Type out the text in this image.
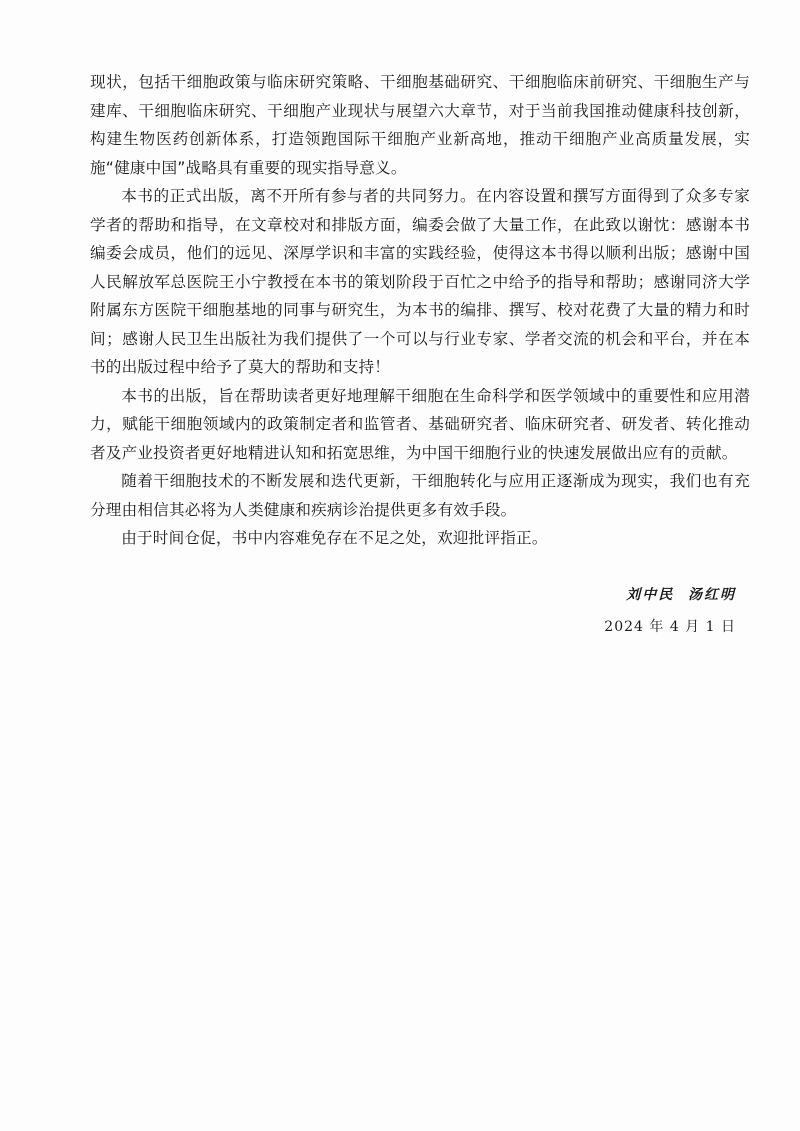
现状，包括干细胞政策与临床研究策略、干细胞基础研究、干细胞临床前研究、干细胞生产与建库、干细胞临床研究、干细胞产业现状与展望六大章节，对于当前我国推动健康科技创新，构建生物医药创新体系，打造领跑国际干细胞产业新高地，推动干细胞产业高质量发展，实施“健康中国”战略具有重要的现实指导意义。

本书的正式出版，离不开所有参与者的共同努力。在内容设置和撰写方面得到了众多专家学者的帮助和指导，在文章校对和排版方面，编委会做了大量工作，在此致以谢忱：感谢本书编委会成员，他们的远见、深厚学识和丰富的实践经验，使得这本书得以顺利出版；感谢中国人民解放军总医院王小宁教授在本书的策划阶段于百忙之中给予的指导和帮助；感谢同济大学附属东方医院干细胞基地的同事与研究生，为本书的编排、撰写、校对花费了大量的精力和时间；感谢人民卫生出版社为我们提供了一个可以与行业专家、学者交流的机会和平台，并在本书的出版过程中给予了莫大的帮助和支持！

本书的出版，旨在帮助读者更好地理解干细胞在生命科学和医学领域中的重要性和应用潜力，赋能干细胞领域内的政策制定者和监管者、基础研究者、临床研究者、研发者、转化推动者及产业投资者更好地精进认知和拓宽思维，为中国干细胞行业的快速发展做出应有的贡献。

随着干细胞技术的不断发展和迭代更新，干细胞转化与应用正逐渐成为现实，我们也有充分理由相信其必将为人类健康和疾病诊治提供更多有效手段。

由于时间仓促，书中内容难免存在不足之处，欢迎批评指正。

刘中民  汤红明
2024 年 4 月 1 日
